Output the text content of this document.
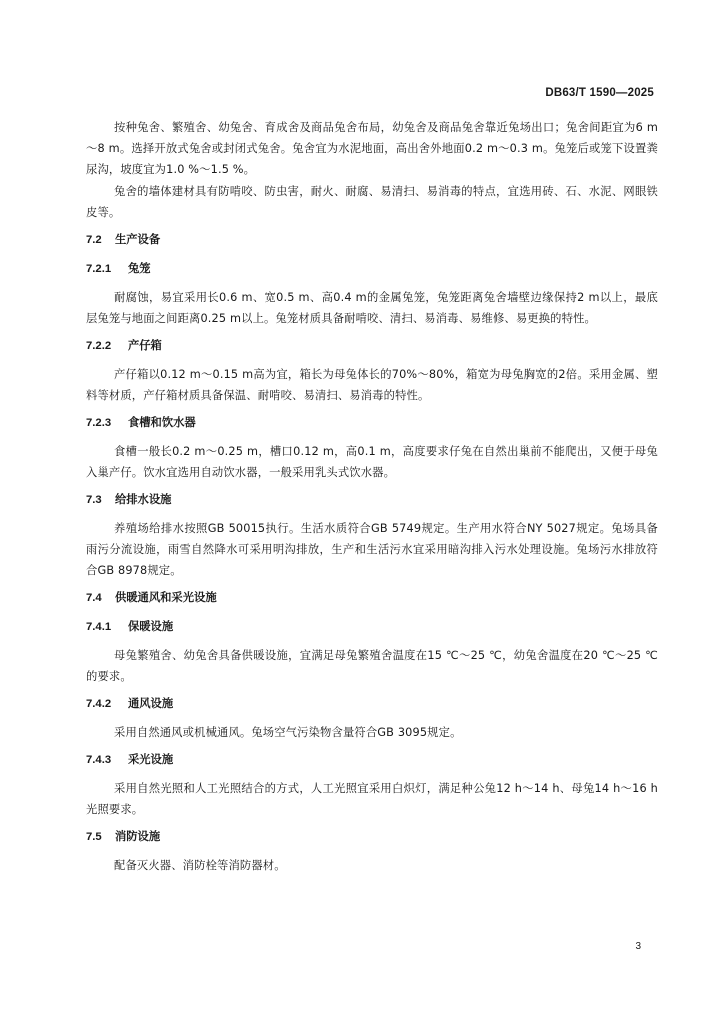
DB63/T 1590—2025

按种兔舍、繁殖舍、幼兔舍、育成舍及商品兔舍布局，幼兔舍及商品兔舍靠近兔场出口；兔舍间距宜为6 m～8 m。选择开放式兔舍或封闭式兔舍。兔舍宜为水泥地面，高出舍外地面0.2 m～0.3 m。兔笼后或笼下设置粪尿沟，坡度宜为1.0 %～1.5 %。

兔舍的墙体建材具有防啃咬、防虫害，耐火、耐腐、易清扫、易消毒的特点，宜选用砖、石、水泥、网眼铁皮等。

7.2 生产设备
7.2.1 兔笼

耐腐蚀，易宜采用长0.6 m、宽0.5 m、高0.4 m的金属兔笼，兔笼距离兔舍墙壁边缘保持2 m以上，最底层兔笼与地面之间距离0.25 m以上。兔笼材质具备耐啃咬、清扫、易消毒、易维修、易更换的特性。

7.2.2 产仔箱

产仔箱以0.12 m～0.15 m高为宜，箱长为母兔体长的70%～80%，箱宽为母兔胸宽的2倍。采用金属、塑料等材质，产仔箱材质具备保温、耐啃咬、易清扫、易消毒的特性。

7.2.3 食槽和饮水器

食槽一般长0.2 m～0.25 m，槽口0.12 m，高0.1 m，高度要求仔兔在自然出巢前不能爬出，又便于母兔入巢产仔。饮水宜选用自动饮水器，一般采用乳头式饮水器。

7.3 给排水设施

养殖场给排水按照GB 50015执行。生活水质符合GB 5749规定。生产用水符合NY 5027规定。兔场具备雨污分流设施，雨雪自然降水可采用明沟排放，生产和生活污水宜采用暗沟排入污水处理设施。兔场污水排放符合GB 8978规定。

7.4 供暖通风和采光设施
7.4.1 保暖设施

母兔繁殖舍、幼兔舍具备供暖设施，宜满足母兔繁殖舍温度在15 ℃～25 ℃，幼兔舍温度在20 ℃～25 ℃的要求。

7.4.2 通风设施

采用自然通风或机械通风。兔场空气污染物含量符合GB 3095规定。

7.4.3 采光设施

采用自然光照和人工光照结合的方式，人工光照宜采用白炽灯，满足种公兔12 h～14 h、母兔14 h～16 h光照要求。

7.5 消防设施

配备灭火器、消防栓等消防器材。

3
